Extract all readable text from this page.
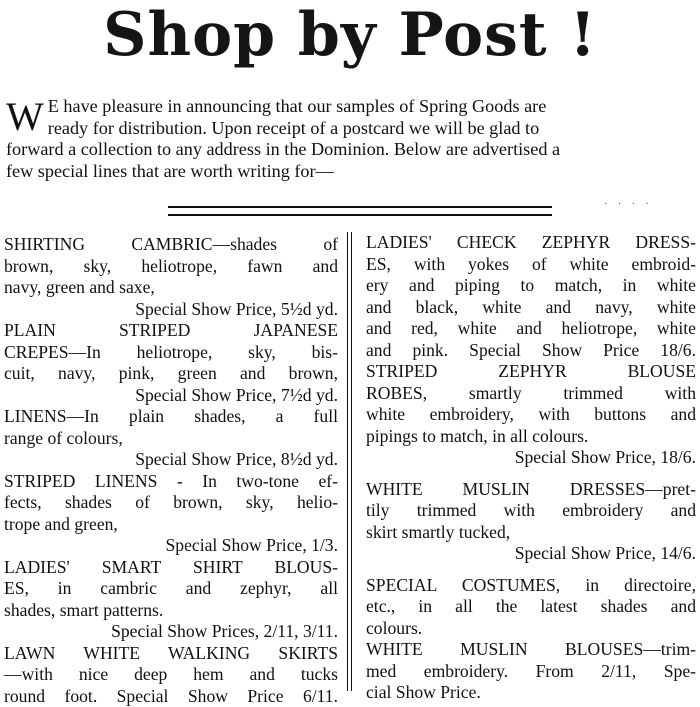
Shop by Post !
W E have pleasure in announcing that our samples of Spring Goods are
ready for distribution. Upon receipt of a postcard we will be glad to
forward a collection to any address in the Dominion. Below are advertised a
few special lines that are worth writing for—
· · · ·
SHIRTING CAMBRIC—shades of
brown, sky, heliotrope, fawn and
navy, green and saxe,
Special Show Price, 5½d yd.
PLAIN STRIPED JAPANESE
CREPES—In heliotrope, sky, bis-
cuit, navy, pink, green and brown,
Special Show Price, 7½d yd.
LINENS—In plain shades, a full
range of colours,
Special Show Price, 8½d yd.
STRIPED LINENS - In two-tone ef-
fects, shades of brown, sky, helio-
trope and green,
Special Show Price, 1/3.
LADIES' SMART SHIRT BLOUS-
ES, in cambric and zephyr, all
shades, smart patterns.
Special Show Prices, 2/11, 3/11.
LAWN WHITE WALKING SKIRTS
—with nice deep hem and tucks
round foot. Special Show Price 6/11.
LADIES' CHECK ZEPHYR DRESS-
ES, with yokes of white embroid-
ery and piping to match, in white
and black, white and navy, white
and red, white and heliotrope, white
and pink. Special Show Price 18/6.
STRIPED ZEPHYR BLOUSE
ROBES, smartly trimmed with
white embroidery, with buttons and
pipings to match, in all colours.
Special Show Price, 18/6.
WHITE MUSLIN DRESSES—pret-
tily trimmed with embroidery and
skirt smartly tucked,
Special Show Price, 14/6.
SPECIAL COSTUMES, in directoire,
etc., in all the latest shades and
colours.
WHITE MUSLIN BLOUSES—trim-
med embroidery. From 2/11, Spe-
cial Show Price.
